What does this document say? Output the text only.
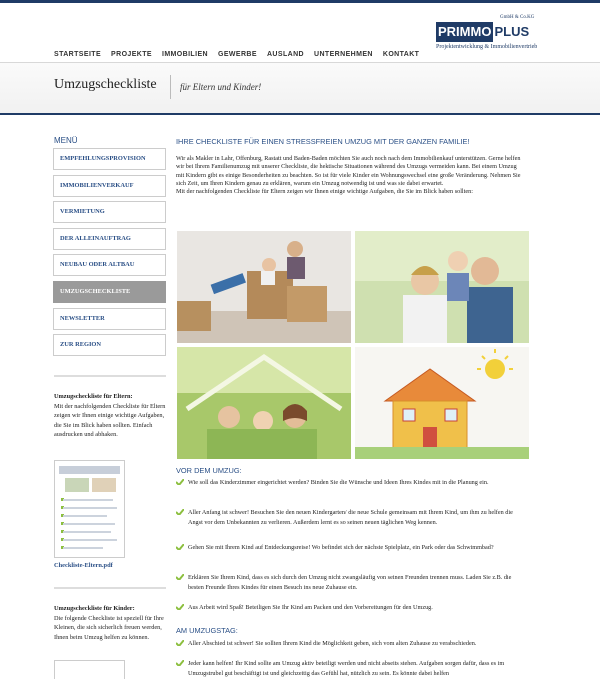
GmbH & Co.KG
PRIMMO PLUS
Projektentwicklung & Immobilienvertrieb
STARTSEITE PROJEKTE IMMOBILIEN GEWERBE AUSLAND UNTERNEHMEN KONTAKT
Umzugscheckliste	für Eltern und Kinder!
MENÜ
EMPFEHLUNGSPROVISION
IMMOBILIENVERKAUF
VERMIETUNG
DER ALLEINAUFTRAG
NEUBAU ODER ALTBAU
UMZUGSCHECKLISTE
NEWSLETTER
ZUR REGION
Umzugscheckliste für Eltern:
Mit der nachfolgenden Checkliste für Eltern zeigen wir Ihnen einige wichtige Aufgaben, die Sie im Blick haben sollten. Einfach ausdrucken und abhaken.
Checkliste-Eltern.pdf
Umzugscheckliste für Kinder:
Die folgende Checkliste ist speziell für Ihre Kleinen, die sich sicherlich freuen werden, Ihnen beim Umzug helfen zu können.
IHRE CHECKLISTE FÜR EINEN STRESSFREIEN UMZUG MIT DER GANZEN FAMILIE!
Wir als Makler in Lahr, Offenburg, Rastatt und Baden-Baden möchten Sie auch noch nach dem Immobilienkauf unterstützen. Gerne helfen wir bei Ihrem Familienumzug mit unserer Checkliste, die hektische Situationen während des Umzugs vermeiden kann. Bei einem Umzug mit Kindern gibt es einige Besonderheiten zu beachten. So ist für viele Kinder ein Wohnungswechsel eine große Veränderung. Nehmen Sie sich Zeit, um Ihren Kindern genau zu erklären, warum ein Umzug notwendig ist und was sie dabei erwartet.
Mit der nachfolgenden Checkliste für Eltern zeigen wir Ihnen einige wichtige Aufgaben, die Sie im Blick haben sollten:
VOR DEM UMZUG:
Wie soll das Kinderzimmer eingerichtet werden? Binden Sie die Wünsche und Ideen Ihres Kindes mit in die Planung ein.
Aller Anfang ist schwer! Besuchen Sie den neuen Kindergarten/ die neue Schule gemeinsam mit Ihrem Kind, um ihm zu helfen die Angst vor dem Unbekannten zu verlieren. Außerdem lernt es so seinen neuen täglichen Weg kennen.
Gehen Sie mit Ihrem Kind auf Entdeckungsreise! Wo befindet sich der nächste Spielplatz, ein Park oder das Schwimmbad?
Erklären Sie Ihrem Kind, dass es sich durch den Umzug nicht zwangsläufig von seinen Freunden trennen muss. Laden Sie z.B. die besten Freunde Ihres Kindes für einen Besuch ins neue Zuhause ein.
Aus Arbeit wird Spaß! Beteiligen Sie Ihr Kind am Packen und den Vorbereitungen für den Umzug.
AM UMZUGSTAG:
Aller Abschied ist schwer! Sie sollten Ihrem Kind die Möglichkeit geben, sich vom alten Zuhause zu verabschieden.
Jeder kann helfen! Ihr Kind sollte am Umzug aktiv beteiligt werden und nicht abseits stehen. Aufgaben sorgen dafür, dass es im Umzugstrubel gut beschäftigt ist und gleichzeitig das Gefühl hat, nützlich zu sein. Es könnte dabei helfen
